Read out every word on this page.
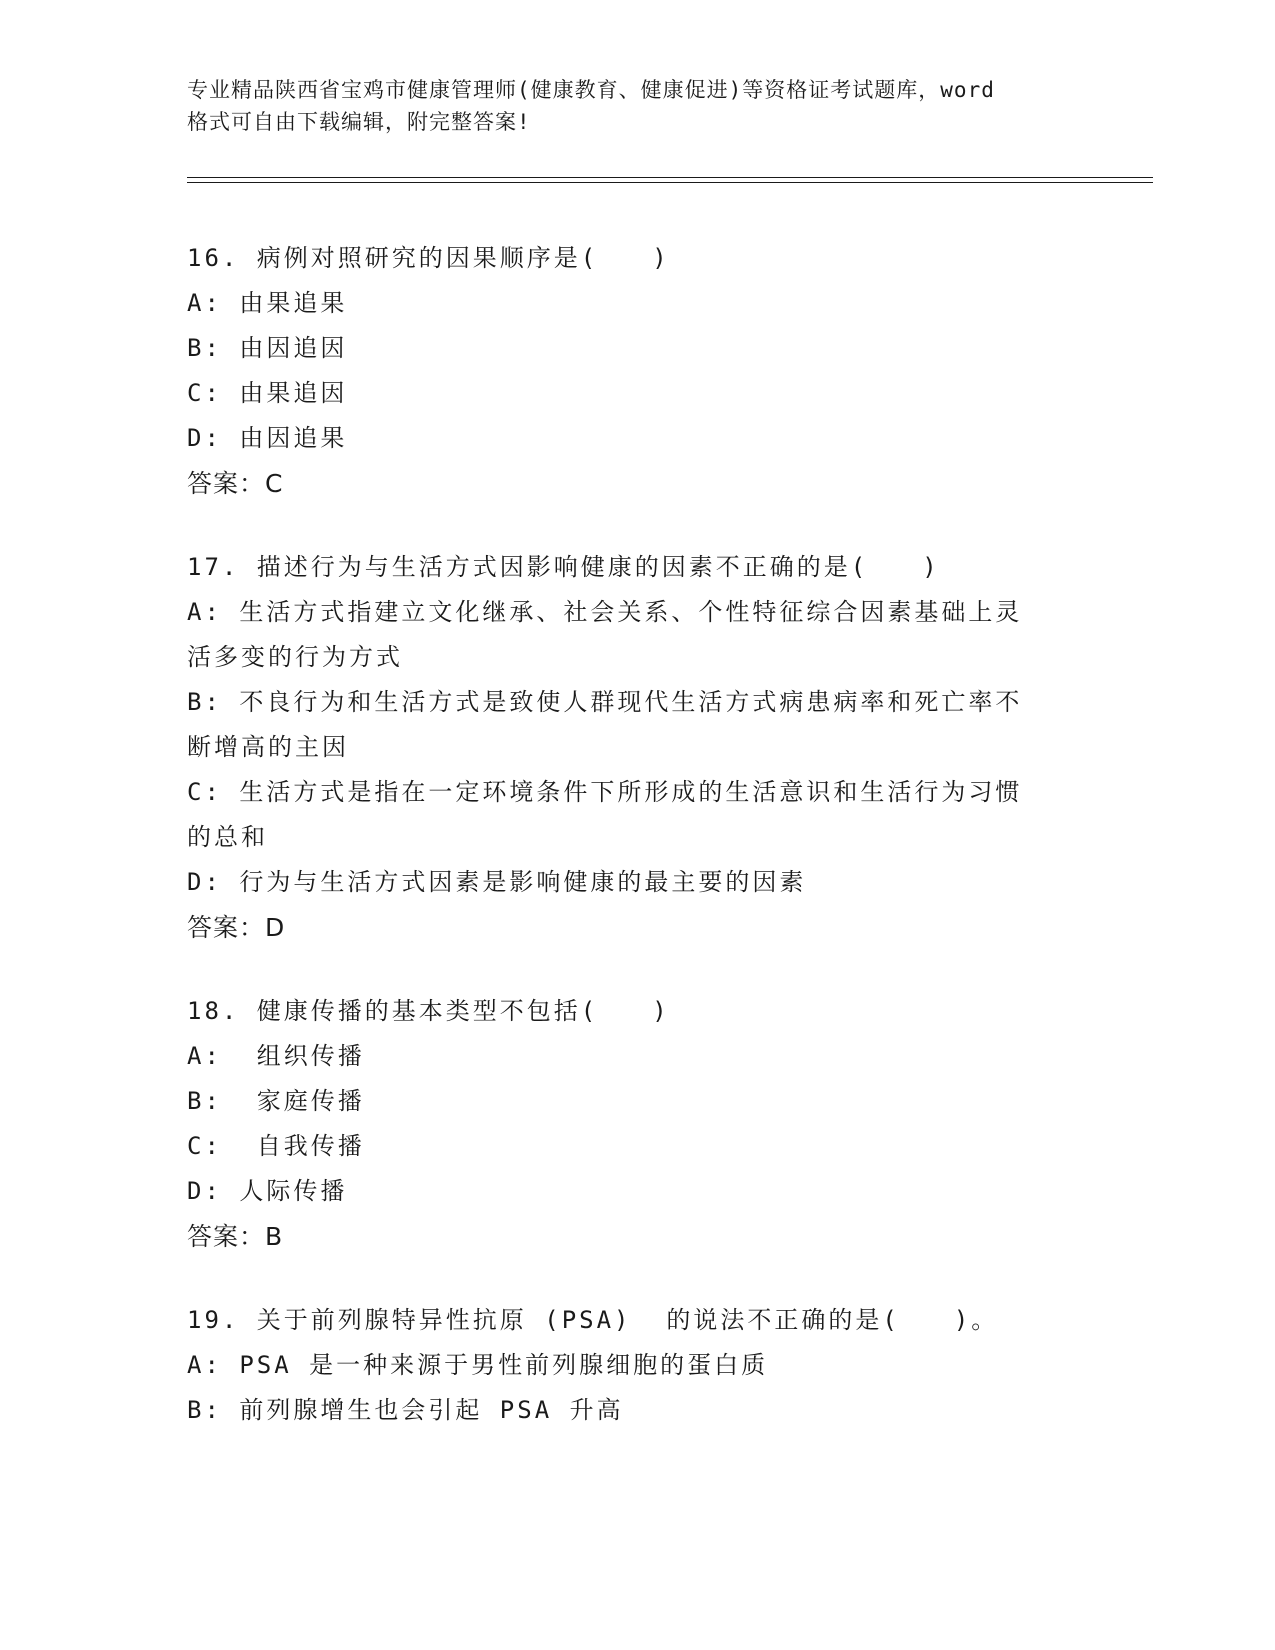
专业精品陕西省宝鸡市健康管理师(健康教育、健康促进)等资格证考试题库，word
格式可自由下载编辑，附完整答案!
16. 病例对照研究的因果顺序是(　　)
A: 由果追果
B: 由因追因
C: 由果追因
D: 由因追果
答案：C
17. 描述行为与生活方式因影响健康的因素不正确的是(　　)
A: 生活方式指建立文化继承、社会关系、个性特征综合因素基础上灵
活多变的行为方式
B: 不良行为和生活方式是致使人群现代生活方式病患病率和死亡率不
断增高的主因
C: 生活方式是指在一定环境条件下所形成的生活意识和生活行为习惯
的总和
D: 行为与生活方式因素是影响健康的最主要的因素
答案：D
18. 健康传播的基本类型不包括(　　)
A:  组织传播
B:  家庭传播
C:  自我传播
D: 人际传播
答案：B
19. 关于前列腺特异性抗原 (PSA)  的说法不正确的是(　　)。
A: PSA 是一种来源于男性前列腺细胞的蛋白质
B: 前列腺增生也会引起 PSA 升高
